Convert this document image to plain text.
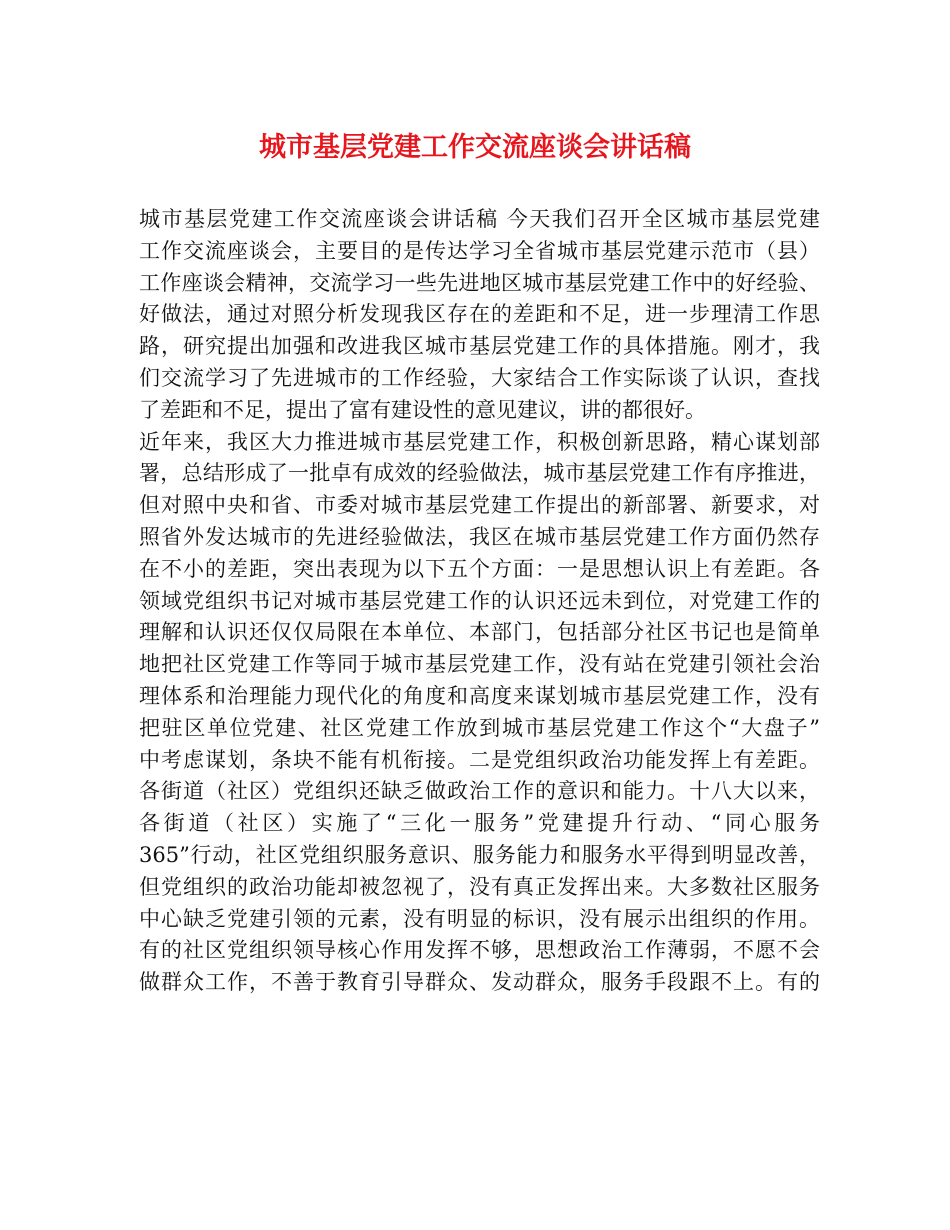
城市基层党建工作交流座谈会讲话稿
城市基层党建工作交流座谈会讲话稿 今天我们召开全区城市基层党建
工作交流座谈会，主要目的是传达学习全省城市基层党建示范市（县）
工作座谈会精神，交流学习一些先进地区城市基层党建工作中的好经验、
好做法，通过对照分析发现我区存在的差距和不足，进一步理清工作思
路，研究提出加强和改进我区城市基层党建工作的具体措施。刚才，我
们交流学习了先进城市的工作经验，大家结合工作实际谈了认识，查找
了差距和不足，提出了富有建设性的意见建议，讲的都很好。
近年来，我区大力推进城市基层党建工作，积极创新思路，精心谋划部
署，总结形成了一批卓有成效的经验做法，城市基层党建工作有序推进，
但对照中央和省、市委对城市基层党建工作提出的新部署、新要求，对
照省外发达城市的先进经验做法，我区在城市基层党建工作方面仍然存
在不小的差距，突出表现为以下五个方面：一是思想认识上有差距。各
领域党组织书记对城市基层党建工作的认识还远未到位，对党建工作的
理解和认识还仅仅局限在本单位、本部门，包括部分社区书记也是简单
地把社区党建工作等同于城市基层党建工作，没有站在党建引领社会治
理体系和治理能力现代化的角度和高度来谋划城市基层党建工作，没有
把驻区单位党建、社区党建工作放到城市基层党建工作这个“大盘子”
中考虑谋划，条块不能有机衔接。二是党组织政治功能发挥上有差距。
各街道（社区）党组织还缺乏做政治工作的意识和能力。十八大以来，
各街道（社区）实施了“三化一服务”党建提升行动、“同心服务
365”行动，社区党组织服务意识、服务能力和服务水平得到明显改善，
但党组织的政治功能却被忽视了，没有真正发挥出来。大多数社区服务
中心缺乏党建引领的元素，没有明显的标识，没有展示出组织的作用。
有的社区党组织领导核心作用发挥不够，思想政治工作薄弱，不愿不会
做群众工作，不善于教育引导群众、发动群众，服务手段跟不上。有的
